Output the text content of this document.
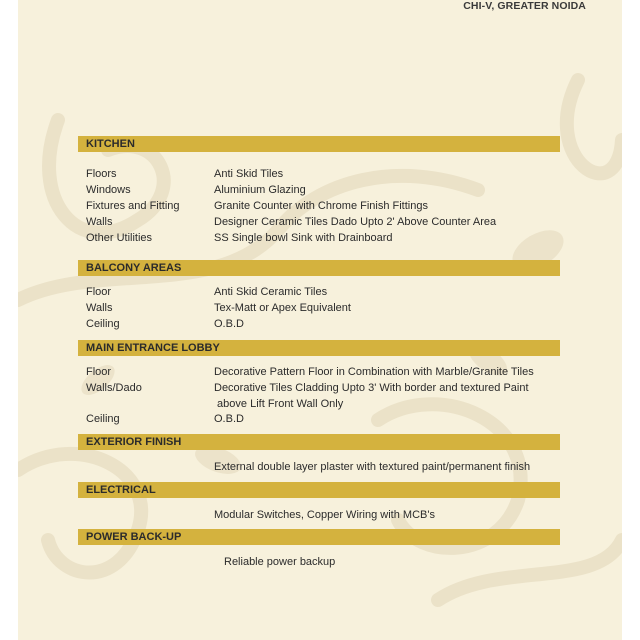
CHI-V, GREATER NOIDA
KITCHEN
Floors	Anti Skid Tiles
Windows	Aluminium Glazing
Fixtures and Fitting	Granite Counter with Chrome Finish Fittings
Walls	Designer Ceramic Tiles Dado Upto 2' Above Counter Area
Other Utilities	SS Single bowl Sink with Drainboard
BALCONY AREAS
Floor	Anti Skid Ceramic Tiles
Walls	Tex-Matt or Apex Equivalent
Ceiling	O.B.D
MAIN ENTRANCE LOBBY
Floor	Decorative Pattern Floor in Combination with Marble/Granite Tiles
Walls/Dado	Decorative Tiles Cladding Upto 3' With border and textured Paint
above Lift Front Wall Only
Ceiling	O.B.D
EXTERIOR FINISH
External double layer plaster with textured paint/permanent finish
ELECTRICAL
Modular Switches, Copper Wiring with MCB's
POWER BACK-UP
Reliable power backup
